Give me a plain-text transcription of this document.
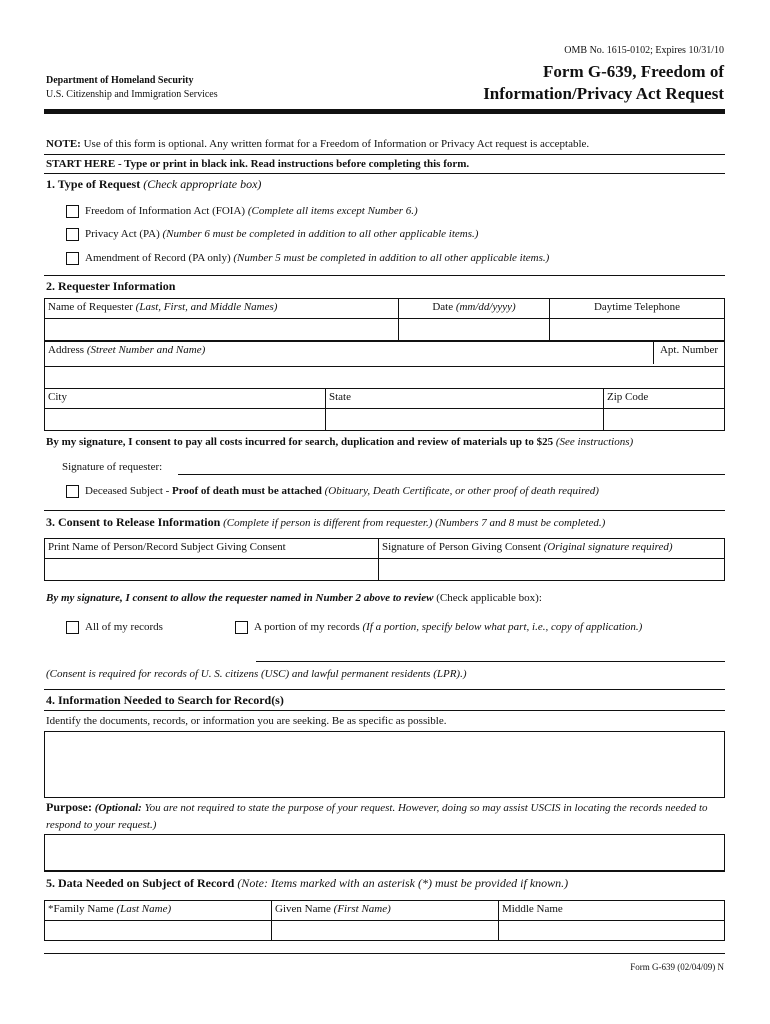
OMB No. 1615-0102; Expires 10/31/10
Department of Homeland Security
U.S. Citizenship and Immigration Services
Form G-639, Freedom of
Information/Privacy Act Request
NOTE: Use of this form is optional. Any written format for a Freedom of Information or Privacy Act request is acceptable.
START HERE - Type or print in black ink. Read instructions before completing this form.
1. Type of Request (Check appropriate box)
Freedom of Information Act (FOIA) (Complete all items except Number 6.)
Privacy Act (PA) (Number 6 must be completed in addition to all other applicable items.)
Amendment of Record (PA only) (Number 5 must be completed in addition to all other applicable items.)
2. Requester Information
Name of Requester (Last, First, and Middle Names)	Date (mm/dd/yyyy)	Daytime Telephone

Address (Street Number and Name) Apt. Number		

City	State	Zip Code

By my signature, I consent to pay all costs incurred for search, duplication and review of materials up to $25 (See instructions)
Signature of requester:
Deceased Subject - Proof of death must be attached (Obituary, Death Certificate, or other proof of death required)
3. Consent to Release Information (Complete if person is different from requester.) (Numbers 7 and 8 must be completed.)
Print Name of Person/Record Subject Giving Consent	Signature of Person Giving Consent (Original signature required)

By my signature, I consent to allow the requester named in Number 2 above to review (Check applicable box):
All of my records	A portion of my records (If a portion, specify below what part, i.e., copy of application.)
(Consent is required for records of U. S. citizens (USC) and lawful permanent residents (LPR).)
4. Information Needed to Search for Record(s)
Identify the documents, records, or information you are seeking. Be as specific as possible.
Purpose: (Optional: You are not required to state the purpose of your request. However, doing so may assist USCIS in locating the records needed to respond to your request.)
5. Data Needed on Subject of Record (Note: Items marked with an asterisk (*) must be provided if known.)
*Family Name (Last Name)	Given Name (First Name)	Middle Name

Form G-639 (02/04/09) N
